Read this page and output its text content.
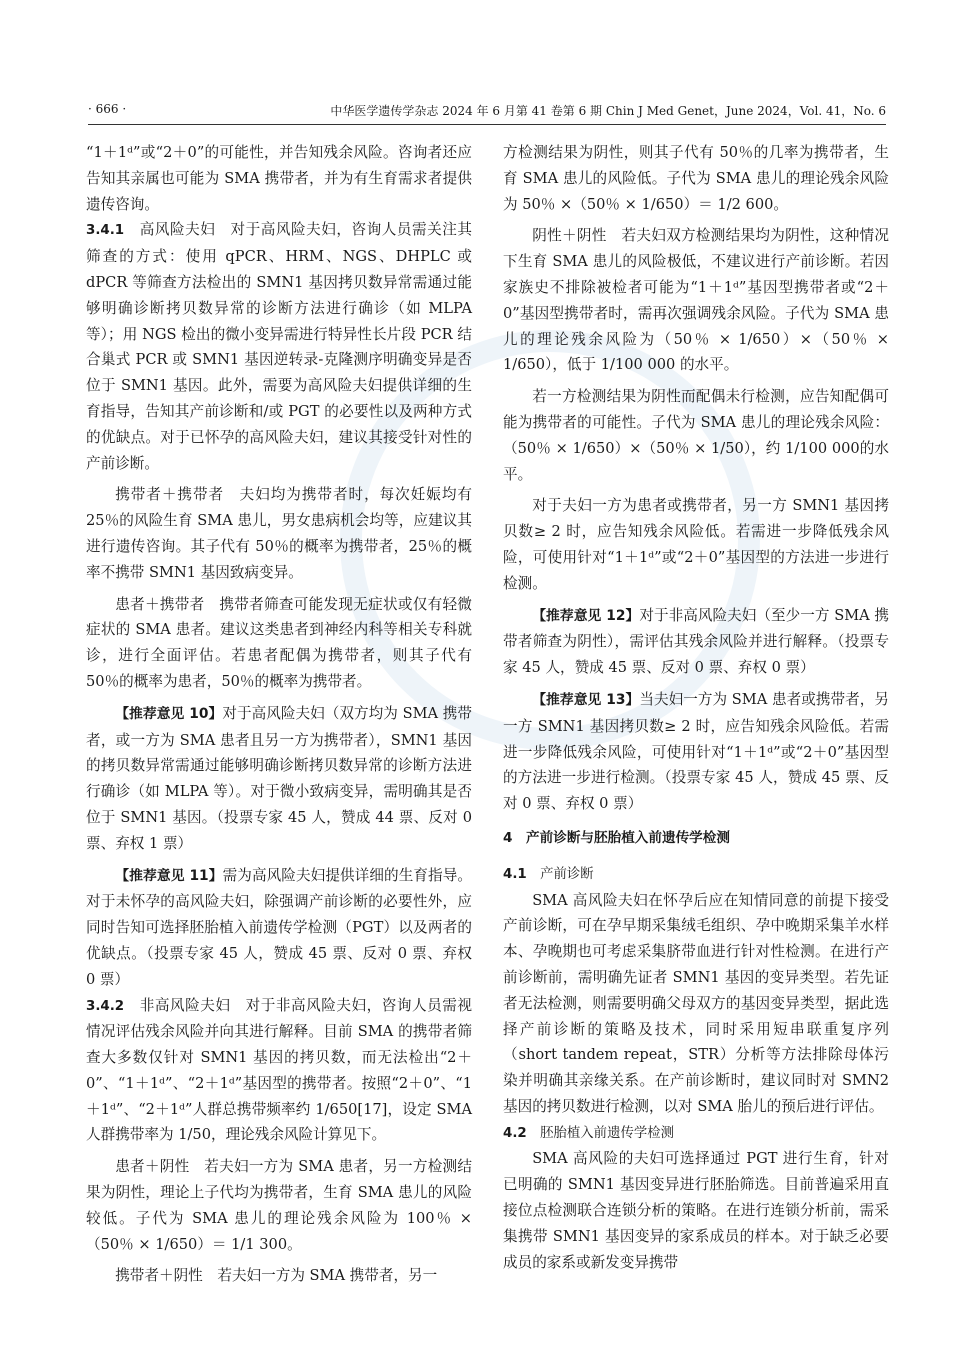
· 666 ·	中华医学遗传学杂志 2024 年 6 月第 41 卷第 6 期 Chin J Med Genet，June 2024，Vol. 41，No. 6

“1＋1ᵈ”或“2＋0”的可能性，并告知残余风险。咨询者还应告知其亲属也可能为 SMA 携带者，并为有生育需求者提供遗传咨询。

3.4.1　高风险夫妇　对于高风险夫妇，咨询人员需关注其筛查的方式：使用 qPCR、HRM、NGS、DHPLC 或 dPCR 等筛查方法检出的 SMN1 基因拷贝数异常需通过能够明确诊断拷贝数异常的诊断方法进行确诊（如 MLPA 等）；用 NGS 检出的微小变异需进行特异性长片段 PCR 结合巢式 PCR 或 SMN1 基因逆转录-克隆测序明确变异是否位于 SMN1 基因。此外，需要为高风险夫妇提供详细的生育指导，告知其产前诊断和/或 PGT 的必要性以及两种方式的优缺点。对于已怀孕的高风险夫妇，建议其接受针对性的产前诊断。

携带者＋携带者　夫妇均为携带者时，每次妊娠均有 25％的风险生育 SMA 患儿，男女患病机会均等，应建议其进行遗传咨询。其子代有 50％的概率为携带者，25％的概率不携带 SMN1 基因致病变异。

患者＋携带者　携带者筛查可能发现无症状或仅有轻微症状的 SMA 患者。建议这类患者到神经内科等相关专科就诊，进行全面评估。若患者配偶为携带者，则其子代有 50％的概率为患者，50％的概率为携带者。

【推荐意见 10】对于高风险夫妇（双方均为 SMA 携带者，或一方为 SMA 患者且另一方为携带者），SMN1 基因的拷贝数异常需通过能够明确诊断拷贝数异常的诊断方法进行确诊（如 MLPA 等）。对于微小致病变异，需明确其是否位于 SMN1 基因。（投票专家 45 人，赞成 44 票、反对 0 票、弃权 1 票）

【推荐意见 11】需为高风险夫妇提供详细的生育指导。对于未怀孕的高风险夫妇，除强调产前诊断的必要性外，应同时告知可选择胚胎植入前遗传学检测（PGT）以及两者的优缺点。（投票专家 45 人，赞成 45 票、反对 0 票、弃权 0 票）

3.4.2　非高风险夫妇　对于非高风险夫妇，咨询人员需视情况评估残余风险并向其进行解释。目前 SMA 的携带者筛查大多数仅针对 SMN1 基因的拷贝数，而无法检出“2＋0”、“1＋1ᵈ”、“2＋1ᵈ”基因型的携带者。按照“2＋0”、“1＋1ᵈ”、“2＋1ᵈ”人群总携带频率约 1/650[17]，设定 SMA 人群携带率为 1/50，理论残余风险计算见下。

患者＋阴性　若夫妇一方为 SMA 患者，另一方检测结果为阴性，理论上子代均为携带者，生育 SMA 患儿的风险较低。子代为 SMA 患儿的理论残余风险为 100％ ×（50％ × 1/650）＝ 1/1 300。

携带者＋阴性　若夫妇一方为 SMA 携带者，另一

方检测结果为阴性，则其子代有 50％的几率为携带者，生育 SMA 患儿的风险低。子代为 SMA 患儿的理论残余风险为 50％ ×（50％ × 1/650）＝ 1/2 600。

阴性＋阴性　若夫妇双方检测结果均为阴性，这种情况下生育 SMA 患儿的风险极低，不建议进行产前诊断。若因家族史不排除被检者可能为“1＋1ᵈ”基因型携带者或“2＋0”基因型携带者时，需再次强调残余风险。子代为 SMA 患儿的理论残余风险为（50％ × 1/650）×（50％ × 1/650），低于 1/100 000 的水平。

若一方检测结果为阴性而配偶未行检测，应告知配偶可能为携带者的可能性。子代为 SMA 患儿的理论残余风险：（50％ × 1/650）×（50％ × 1/50），约 1/100 000的水平。

对于夫妇一方为患者或携带者，另一方 SMN1 基因拷贝数≥ 2 时，应告知残余风险低。若需进一步降低残余风险，可使用针对“1＋1ᵈ”或“2＋0”基因型的方法进一步进行检测。

【推荐意见 12】对于非高风险夫妇（至少一方 SMA 携带者筛查为阴性），需评估其残余风险并进行解释。（投票专家 45 人，赞成 45 票、反对 0 票、弃权 0 票）

【推荐意见 13】当夫妇一方为 SMA 患者或携带者，另一方 SMN1 基因拷贝数≥ 2 时，应告知残余风险低。若需进一步降低残余风险，可使用针对“1＋1ᵈ”或“2＋0”基因型的方法进一步进行检测。（投票专家 45 人，赞成 45 票、反对 0 票、弃权 0 票）

4　产前诊断与胚胎植入前遗传学检测

4.1　产前诊断

SMA 高风险夫妇在怀孕后应在知情同意的前提下接受产前诊断，可在孕早期采集绒毛组织、孕中晚期采集羊水样本、孕晚期也可考虑采集脐带血进行针对性检测。在进行产前诊断前，需明确先证者 SMN1 基因的变异类型。若先证者无法检测，则需要明确父母双方的基因变异类型，据此选择产前诊断的策略及技术，同时采用短串联重复序列（short tandem repeat，STR）分析等方法排除母体污染并明确其亲缘关系。在产前诊断时，建议同时对 SMN2 基因的拷贝数进行检测，以对 SMA 胎儿的预后进行评估。

4.2　胚胎植入前遗传学检测

SMA 高风险的夫妇可选择通过 PGT 进行生育，针对已明确的 SMN1 基因变异进行胚胎筛选。目前普遍采用直接位点检测联合连锁分析的策略。在进行连锁分析前，需采集携带 SMN1 基因变异的家系成员的样本。对于缺乏必要成员的家系或新发变异携带
